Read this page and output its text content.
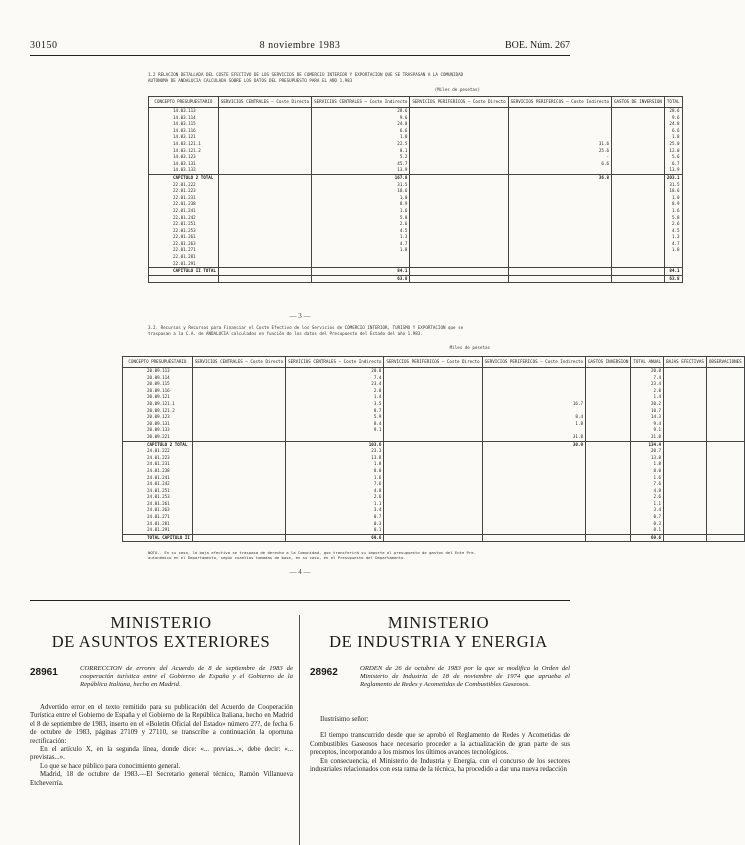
30150	8 noviembre 1983	BOE. Núm. 267
1.2 RELACION DETALLADA DEL COSTE EFECTIVO DE LOS SERVICIOS DE COMERCIO INTERIOR Y EXPORTACION QUE SE TRASPASAN A LA COMUNIDAD AUTONOMA DE ANDALUCIA CALCULADA SOBRE LOS DATOS DEL PRESUPUESTO PARA EL AÑO 1.983
(Miles de pesetas)
CONCEPTO PRESUPUESTARIO	SERVICIOS CENTRALES — Coste Directo	SERVICIOS CENTRALES — Coste Indirecto	SERVICIOS PERIFERICOS — Coste Directo	SERVICIOS PERIFERICOS — Coste Indirecto	GASTOS DE INVERSION	TOTAL
14.03.113		28.6				28.6
14.03.114		9.6				9.6
14.03.115		24.8				24.8
14.03.116		6.6				6.6
14.03.121		1.8				1.8
14.03.121.1		22.5		31.6		25.0
14.03.121.2		8.1		25.6		12.0
14.03.123		5.2		-		5.6
14.03.131		45.7		6.6		6.7
14.03.133		13.9				13.9
CAPITULO 2 TOTAL		167.8		36.8		203.1
22.01.222		31.5				31.5
22.01.223		18.6				18.6
22.01.231		1.0				1.0
22.01.238		8.9				8.9
22.01.241		1.6				1.6
22.01.242		5.8				5.8
22.01.251		2.6				2.6
22.01.253		4.5				4.5
22.01.261		1.3				1.3
22.01.263		4.7				4.7
22.01.271		1.8				1.8
22.01.281						
22.01.291						
CAPITULO II TOTAL		84.1				84.1
		63.8				63.8
— 3 —
3.2. Recursos y Recursos para Financiar el Coste Efectivo de los Servicios de COMERCIO INTERIOR, TURISMO Y EXPORTACION que se traspasan a la C.A. de ANDALUCIA calculados en función de los datos del Presupuesto del Estado del año 1.983.
Miles de pesetas
CONCEPTO PRESUPUESTARIO	SERVICIOS CENTRALES — Coste Directo	SERVICIOS CENTRALES — Coste Indirecto	SERVICIOS PERIFERICOS — Coste Directo	SERVICIOS PERIFERICOS — Coste Indirecto	GASTOS INVERSION	TOTAL ANUAL	BAJAS EFECTIVAS	OBSERVACIONES
20.09.113		20.8				20.8		
20.09.114		7.4				7.4		
20.09.115		23.4				23.4		
20.09.116		2.8				2.8		
20.09.121		1.4				1.4		
20.09.121.1		3.5		16.7		20.2		
20.09.121.2		8.7				10.7		
20.09.123		5.9		8.4		14.3		
20.09.131		8.4		1.8		9.4		
20.09.133		9.1				9.1		
20.09.221				31.8		31.8		
CAPITULO 2 TOTAL		103.6		30.9		134.4		
24.01.222		23.3				20.7		
24.01.223		13.8				13.8		
24.01.231		1.8				1.8		
24.01.238		8.0				8.0		
24.01.241		1.6				1.6		
24.01.242		7.6				7.6		
24.01.251		4.8				4.8		
24.01.253		2.6				2.6		
24.01.261		1.1				1.1		
24.01.263		3.4				3.4		
24.01.271		0.7				0.7		
24.01.281		0.3				0.3		
24.01.291		0.1				0.1		
TOTAL CAPITULO II		69.6				69.6		
NOTA.- En su caso, la baja efectiva se traspasa de derecho a la Comunidad, que transferirá su importe al presupuesto de gastos del Ente Pre-autonómico en el Departamento, según cuantías tomadas de base, en su caso, en el Presupuesto del Departamento.
— 4 —
MINISTERIO
DE ASUNTOS EXTERIORES
28961	CORRECCION de errores del Acuerdo de 8 de septiembre de 1983 de cooperación turística entre el Gobierno de España y el Gobierno de la República Italiana, hecho en Madrid.

Advertido error en el texto remitido para su publicación del Acuerdo de Cooperación Turística entre el Gobierno de España y el Gobierno de la República Italiana, hecho en Madrid el 8 de septiembre de 1983, inserto en el «Boletín Oficial del Estado» número 2??, de fecha 6 de octubre de 1983, páginas 27109 y 27110, se transcribe a continuación la oportuna rectificación:

En el artículo X, en la segunda línea, donde dice: «... previas...», debe decir: «... previstas...».

Lo que se hace público para conocimiento general.

Madrid, 18 de octubre de 1983.—El Secretario general técnico, Ramón Villanueva Etcheverría.

MINISTERIO
DE INDUSTRIA Y ENERGIA
28962	ORDEN de 26 de octubre de 1983 por la que se modifica la Orden del Ministerio de Industria de 18 de noviembre de 1974 que aprueba el Reglamento de Redes y Acometidas de Combustibles Gaseosos.

Ilustrísimo señor:

El tiempo transcurrido desde que se aprobó el Reglamento de Redes y Acometidas de Combustibles Gaseosos hace necesario proceder a la actualización de gran parte de sus preceptos, incorporando a los mismos los últimos avances tecnológicos.

En consecuencia, el Ministerio de Industria y Energía, con el concurso de los sectores industriales relacionados con esta rama de la técnica, ha procedido a dar una nueva redacción
